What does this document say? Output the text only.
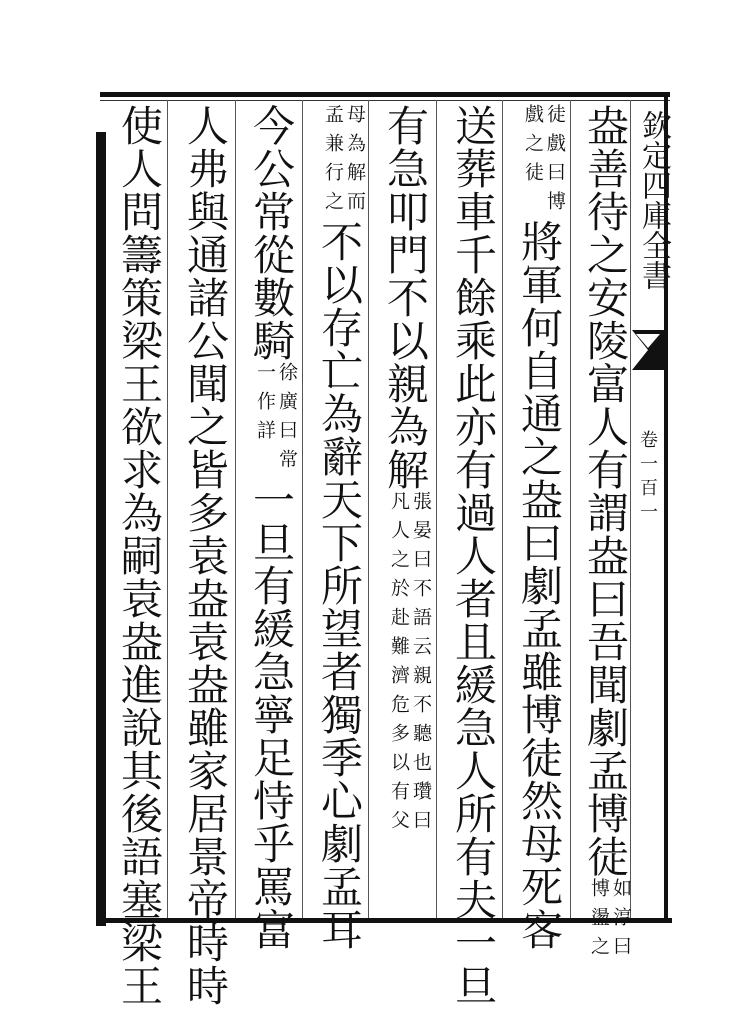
欽定四庫全書
卷一百一
盎善待之安陵富人有謂盎曰吾聞劇孟博徒
如淳曰
博盪之
徒戲曰博
戲之徒
將軍何自通之盎曰劇孟雖博徒然母死客
送葬車千餘乘此亦有過人者且緩急人所有夫一旦
有急叩門不以親為解
張晏曰不語云親不聽也瓚曰
凡人之於赴難濟危多以有父
母為解而
孟兼行之
不以存亡為辭天下所望者獨季心劇孟耳
今公常從數騎
徐廣曰常
一作詳
一旦有緩急寧足恃乎罵富
人弗與通諸公聞之皆多袁盎袁盎雖家居景帝時時
使人問籌策梁王欲求為嗣袁盎進說其後語塞梁王
